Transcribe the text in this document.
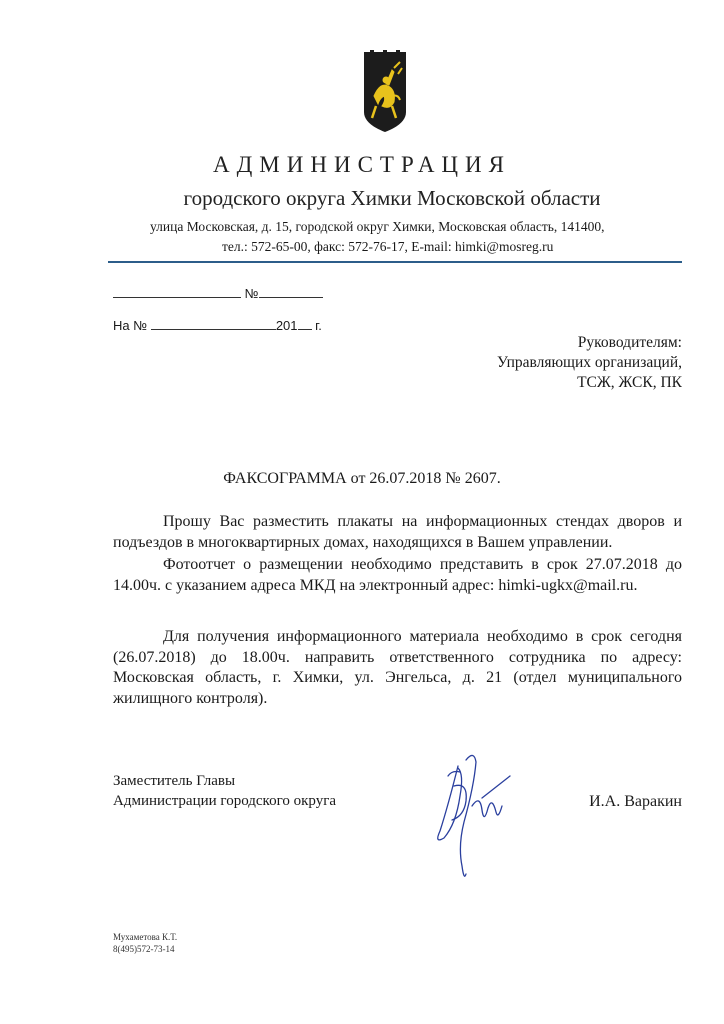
АДМИНИСТРАЦИЯ
городского округа Химки Московской области
улица Московская, д. 15, городской округ Химки, Московская область, 141400,
тел.: 572-65-00, факс: 572-76-17, E-mail: himki@mosreg.ru
№
На №	201 г.
Руководителям:
Управляющих организаций,
ТСЖ, ЖСК, ПК
ФАКСОГРАММА от 26.07.2018 № 2607.
Прошу Вас разместить плакаты на информационных стендах дворов и подъездов в многоквартирных домах, находящихся в Вашем управлении.
Фотоотчет о размещении необходимо представить в срок 27.07.2018 до 14.00ч. с указанием адреса МКД на электронный адрес: himki-ugkx@mail.ru.
Для получения информационного материала необходимо в срок сегодня (26.07.2018) до 18.00ч. направить ответственного сотрудника по адресу: Московская область, г. Химки, ул. Энгельса, д. 21 (отдел муниципального жилищного контроля).
Заместитель Главы
Администрации городского округа	И.А. Варакин
Мухаметова К.Т.
8(495)572-73-14
